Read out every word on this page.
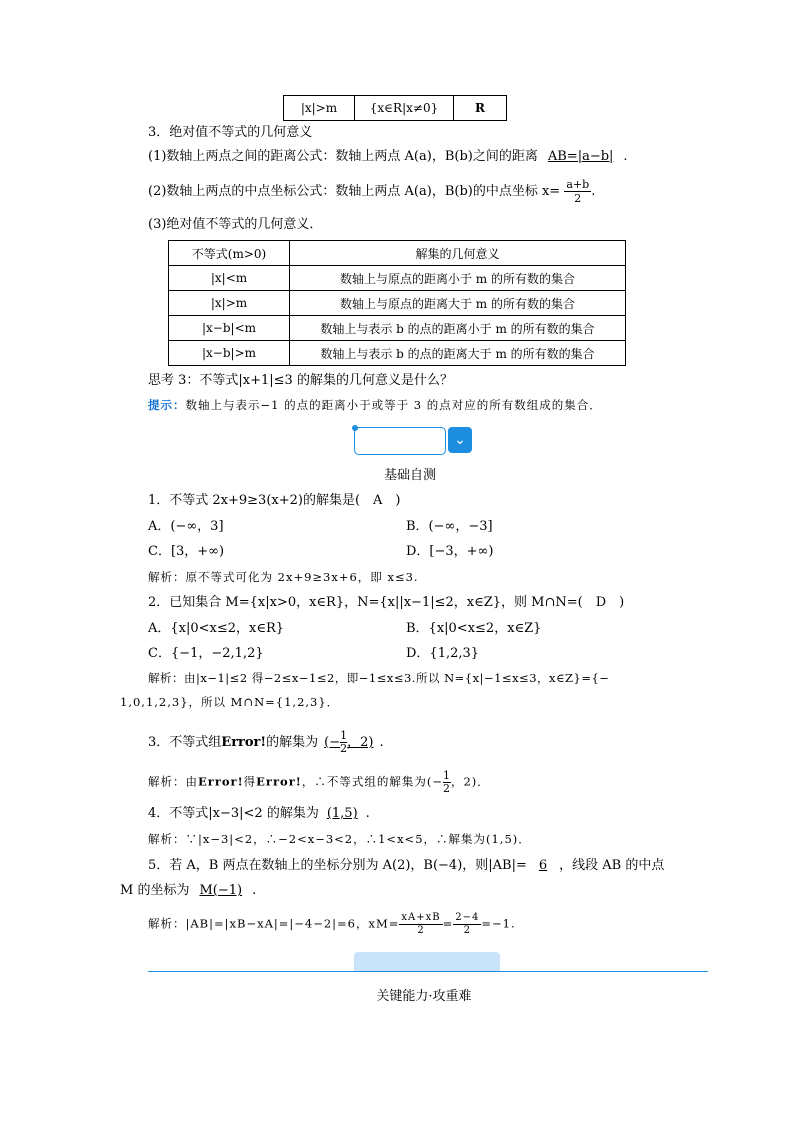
|x|>m	{x∈R|x≠0}	R
3．绝对值不等式的几何意义
(1)数轴上两点之间的距离公式：数轴上两点 A(a)，B(b)之间的距离 AB=|a−b| .
(2)数轴上两点的中点坐标公式：数轴上两点 A(a)，B(b)的中点坐标 $x= \frac{a+b}{2}$ .
(3)绝对值不等式的几何意义．
不等式(m>0)	解集的几何意义
|x|<m	数轴上与原点的距离小于 m 的所有数的集合
|x|>m	数轴上与原点的距离大于 m 的所有数的集合
|x−b|<m	数轴上与表示 b 的点的距离小于 m 的所有数的集合
|x−b|>m	数轴上与表示 b 的点的距离大于 m 的所有数的集合
思考 3：不等式|x+1|≤3 的解集的几何意义是什么？
提示：数轴上与表示−1 的点的距离小于或等于 3 的点对应的所有数组成的集合．
⌄
基础自测
1．不等式 2x+9≥3(x+2)的解集是(　A　)
A．(−∞，3]	B．(−∞，−3]
C．[3，+∞)	D．[−3，+∞)
解析：原不等式可化为 2x+9≥3x+6，即 x≤3.
2．已知集合 M={x|x>0，x∈R}，N={x||x−1|≤2，x∈Z}，则 M∩N=(　D　)
A．{x|0<x≤2，x∈R}	B．{x|0<x≤2，x∈Z}
C．{−1，−2,1,2}	D．{1,2,3}
解析：由|x−1|≤2 得−2≤x−1≤2，即−1≤x≤3.所以 N={x|−1≤x≤3，x∈Z}={−
1,0,1,2,3}，所以 M∩N={1,2,3}．
3．不等式组Error!的解集为 (− $\frac{1}{2}$ ，2) .
解析：由Error!得Error!，∴不等式组的解集为(− $\frac{1}{2}$ ，2)．
4．不等式|x−3|<2 的解集为 (1,5) .
解析：∵|x−3|<2，∴−2<x−3<2，∴1<x<5，∴解集为(1,5)．
5．若 A，B 两点在数轴上的坐标分别为 A(2)，B(−4)，则|AB|= 6 ，线段 AB 的中点
M 的坐标为 M(−1) .
解析：|AB|=|xB−xA|=|−4−2|=6，$xM= \frac{xA+xB}{2} = \frac{2-4}{2} =-1$.
关键能力·攻重难
